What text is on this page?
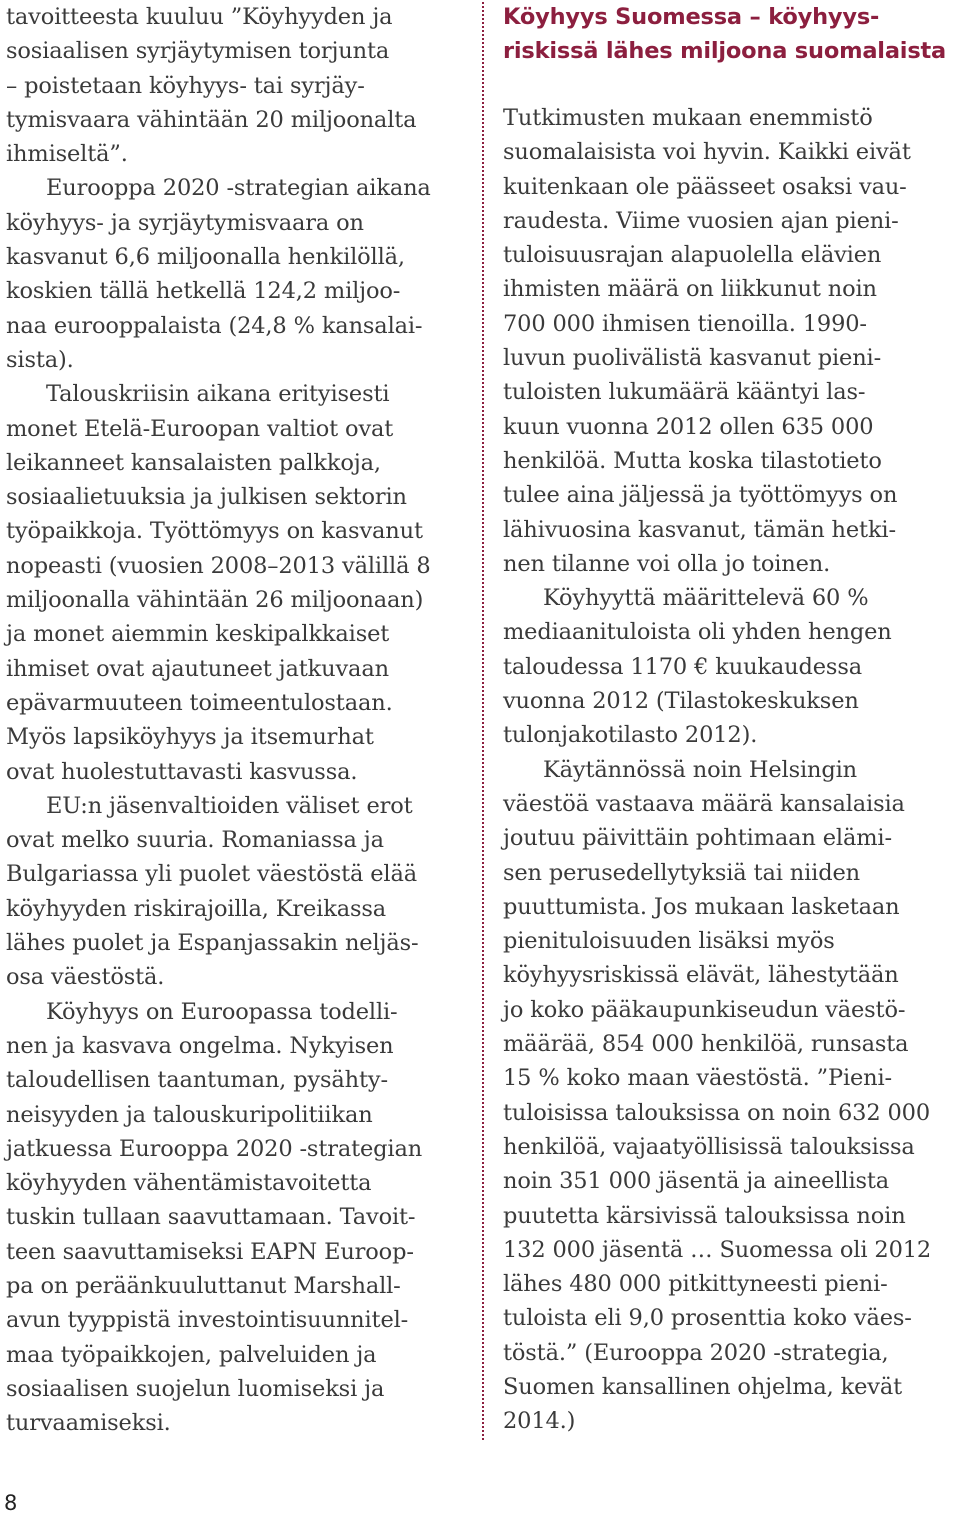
tavoitteesta kuuluu ”Köyhyyden ja
sosiaalisen syrjäytymisen torjunta
– poistetaan köyhyys- tai syrjäy-
tymisvaara vähintään 20 miljoonalta
ihmiseltä”.
Eurooppa 2020 -strategian aikana
köyhyys- ja syrjäytymisvaara on
kasvanut 6,6 miljoonalla henkilöllä,
koskien tällä hetkellä 124,2 miljoo-
naa eurooppalaista (24,8 % kansalai-
sista).
Talouskriisin aikana erityisesti
monet Etelä-Euroopan valtiot ovat
leikanneet kansalaisten palkkoja,
sosiaalietuuksia ja julkisen sektorin
työpaikkoja. Työttömyys on kasvanut
nopeasti (vuosien 2008–2013 välillä 8
miljoonalla vähintään 26 miljoonaan)
ja monet aiemmin keskipalkkaiset
ihmiset ovat ajautuneet jatkuvaan
epävarmuuteen toimeentulostaan.
Myös lapsiköyhyys ja itsemurhat
ovat huolestuttavasti kasvussa.
EU:n jäsenvaltioiden väliset erot
ovat melko suuria. Romaniassa ja
Bulgariassa yli puolet väestöstä elää
köyhyyden riskirajoilla, Kreikassa
lähes puolet ja Espanjassakin neljäs-
osa väestöstä.
Köyhyys on Euroopassa todelli-
nen ja kasvava ongelma. Nykyisen
taloudellisen taantuman, pysähty-
neisyyden ja talouskuripolitiikan
jatkuessa Eurooppa 2020 -strategian
köyhyyden vähentämistavoitetta
tuskin tullaan saavuttamaan. Tavoit-
teen saavuttamiseksi EAPN Euroop-
pa on peräänkuuluttanut Marshall-
avun tyyppistä investointisuunnitel-
maa työpaikkojen, palveluiden ja
sosiaalisen suojelun luomiseksi ja
turvaamiseksi.
Köyhyys Suomessa – köyhyys-
riskissä lähes miljoona suomalaista
Tutkimusten mukaan enemmistö
suomalaisista voi hyvin. Kaikki eivät
kuitenkaan ole päässeet osaksi vau-
raudesta. Viime vuosien ajan pieni-
tuloisuusrajan alapuolella elävien
ihmisten määrä on liikkunut noin
700 000 ihmisen tienoilla. 1990-
luvun puolivälistä kasvanut pieni-
tuloisten lukumäärä kääntyi las-
kuun vuonna 2012 ollen 635 000
henkilöä. Mutta koska tilastotieto
tulee aina jäljessä ja työttömyys on
lähivuosina kasvanut, tämän hetki-
nen tilanne voi olla jo toinen.
Köyhyyttä määrittelevä 60 %
mediaanituloista oli yhden hengen
taloudessa 1170 € kuukaudessa
vuonna 2012 (Tilastokeskuksen
tulonjakotilasto 2012).
Käytännössä noin Helsingin
väestöä vastaava määrä kansalaisia
joutuu päivittäin pohtimaan elämi-
sen perusedellytyksiä tai niiden
puuttumista. Jos mukaan lasketaan
pienituloisuuden lisäksi myös
köyhyysriskissä elävät, lähestytään
jo koko pääkaupunkiseudun väestö-
määrää, 854 000 henkilöä, runsasta
15 % koko maan väestöstä. ”Pieni-
tuloisissa talouksissa on noin 632 000
henkilöä, vajaatyöllisissä talouksissa
noin 351 000 jäsentä ja aineellista
puutetta kärsivissä talouksissa noin
132 000 jäsentä … Suomessa oli 2012
lähes 480 000 pitkittyneesti pieni-
tuloista eli 9,0 prosenttia koko väes-
töstä.” (Eurooppa 2020 -strategia,
Suomen kansallinen ohjelma, kevät
2014.)
8
